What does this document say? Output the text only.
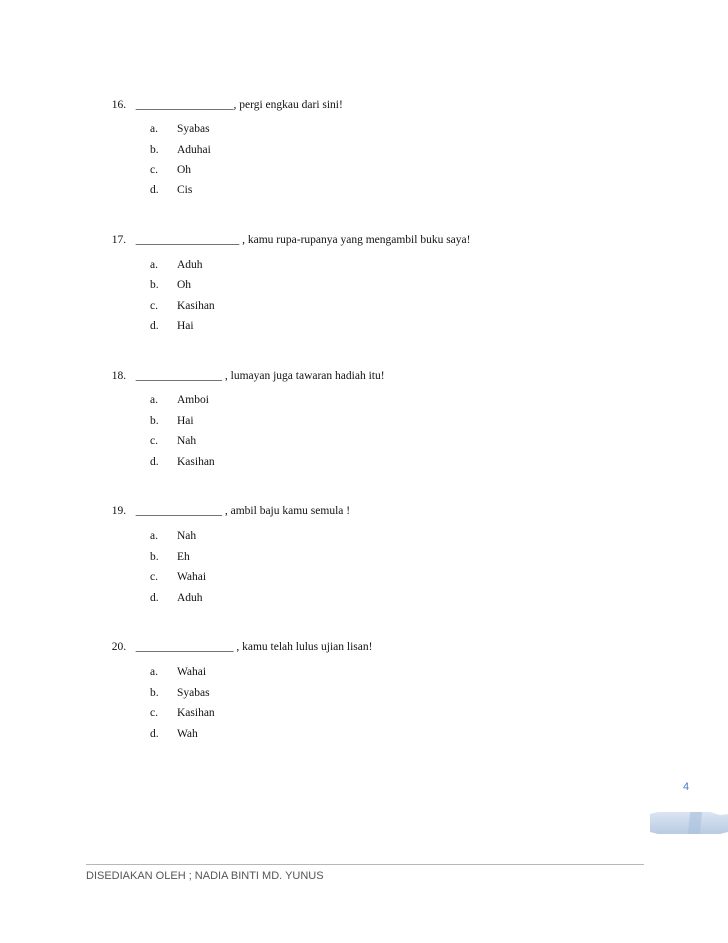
16. _________________, pergi engkau dari sini!

a. Syabas
b. Aduhai
c. Oh
d. Cis

17. __________________ , kamu rupa-rupanya yang mengambil buku saya!

a. Aduh
b. Oh
c. Kasihan
d. Hai

18. _______________ , lumayan juga tawaran hadiah itu!

a. Amboi
b. Hai
c. Nah
d. Kasihan

19. _______________ , ambil baju kamu semula !

a. Nah
b. Eh
c. Wahai
d. Aduh

20. _________________ , kamu telah lulus ujian lisan!

a. Wahai
b. Syabas
c. Kasihan
d. Wah
4
DISEDIAKAN OLEH ; NADIA BINTI MD. YUNUS
